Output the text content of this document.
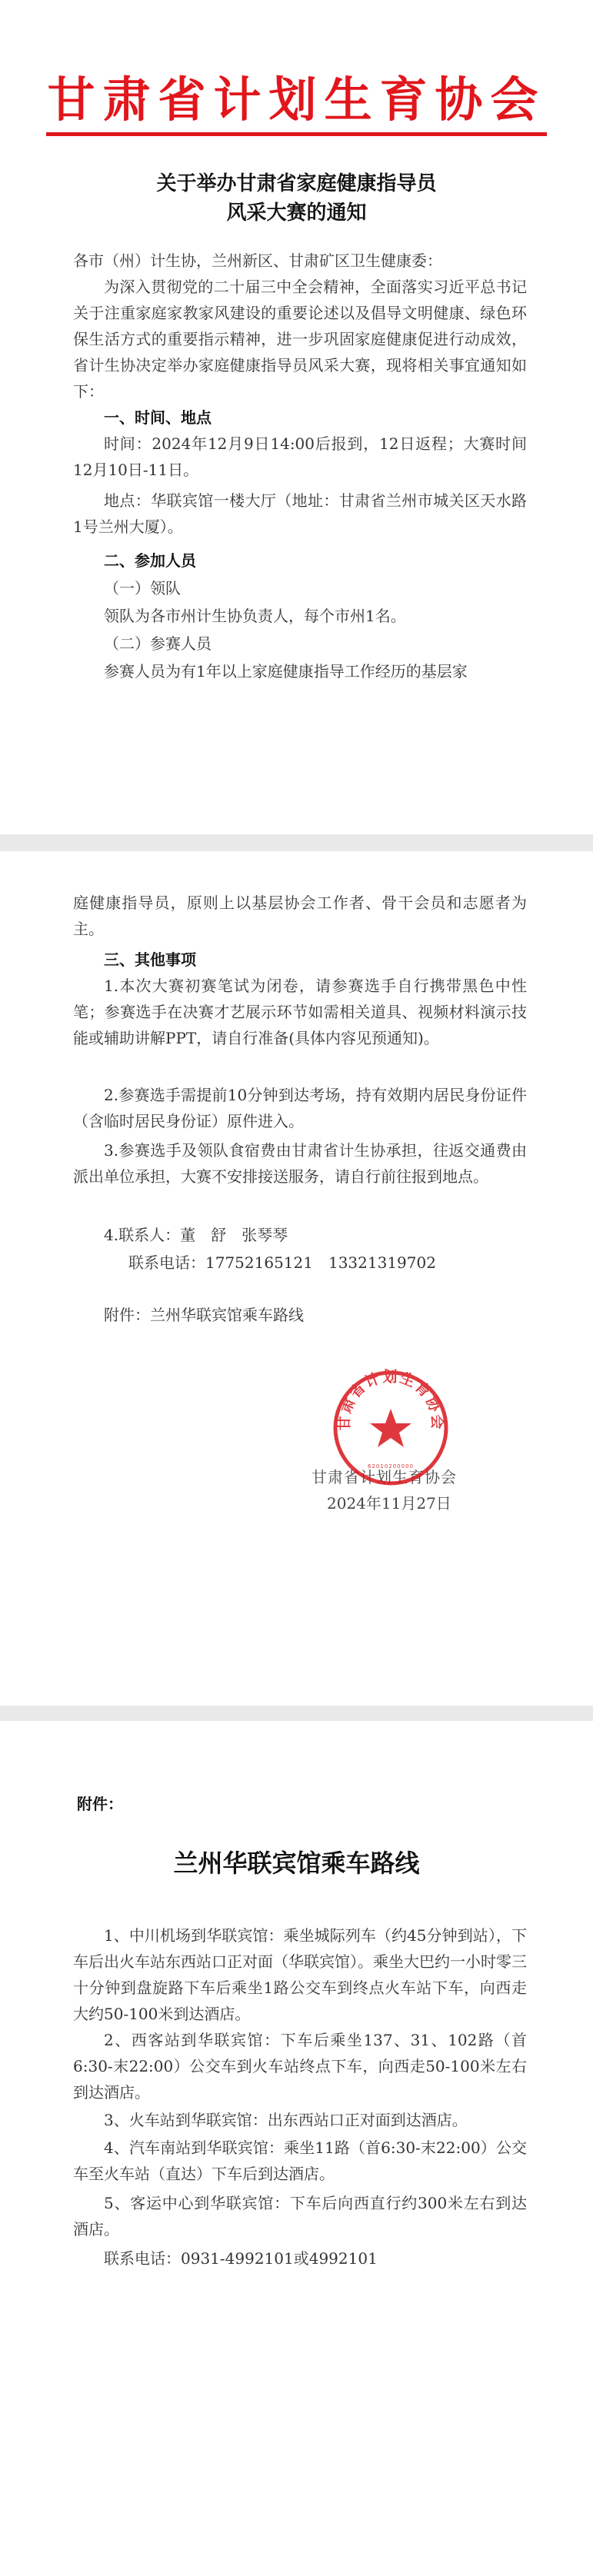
甘肃省计划生育协会
关于举办甘肃省家庭健康指导员
风采大赛的通知
各市（州）计生协，兰州新区、甘肃矿区卫生健康委：
为深入贯彻党的二十届三中全会精神，全面落实习近平总书记关于注重家庭家教家风建设的重要论述以及倡导文明健康、绿色环保生活方式的重要指示精神，进一步巩固家庭健康促进行动成效，省计生协决定举办家庭健康指导员风采大赛，现将相关事宜通知如下：
一、时间、地点
时间：2024年12月9日14:00后报到，12日返程；大赛时间12月10日-11日。
地点：华联宾馆一楼大厅（地址：甘肃省兰州市城关区天水路1号兰州大厦）。
二、参加人员
（一）领队
领队为各市州计生协负责人，每个市州1名。
（二）参赛人员
参赛人员为有1年以上家庭健康指导工作经历的基层家
庭健康指导员，原则上以基层协会工作者、骨干会员和志愿者为主。
三、其他事项
1.本次大赛初赛笔试为闭卷，请参赛选手自行携带黑色中性笔；参赛选手在决赛才艺展示环节如需相关道具、视频材料演示技能或辅助讲解PPT，请自行准备(具体内容见预通知)。
2.参赛选手需提前10分钟到达考场，持有效期内居民身份证件（含临时居民身份证）原件进入。
3.参赛选手及领队食宿费由甘肃省计生协承担，往返交通费由派出单位承担，大赛不安排接送服务，请自行前往报到地点。
4.联系人：董　舒　张琴琴
联系电话：17752165121　13321319702
附件：兰州华联宾馆乘车路线
甘肃省计划生育协会
2024年11月27日
甘肃省计划生育协会
62010200000
附件：
兰州华联宾馆乘车路线
1、中川机场到华联宾馆：乘坐城际列车（约45分钟到站），下车后出火车站东西站口正对面（华联宾馆）。乘坐大巴约一小时零三十分钟到盘旋路下车后乘坐1路公交车到终点火车站下车，向西走大约50-100米到达酒店。
2、西客站到华联宾馆：下车后乘坐137、31、102路（首6:30-末22:00）公交车到火车站终点下车，向西走50-100米左右到达酒店。
3、火车站到华联宾馆：出东西站口正对面到达酒店。
4、汽车南站到华联宾馆：乘坐11路（首6:30-末22:00）公交车至火车站（直达）下车后到达酒店。
5、客运中心到华联宾馆：下车后向西直行约300米左右到达酒店。
联系电话：0931-4992101或4992101
